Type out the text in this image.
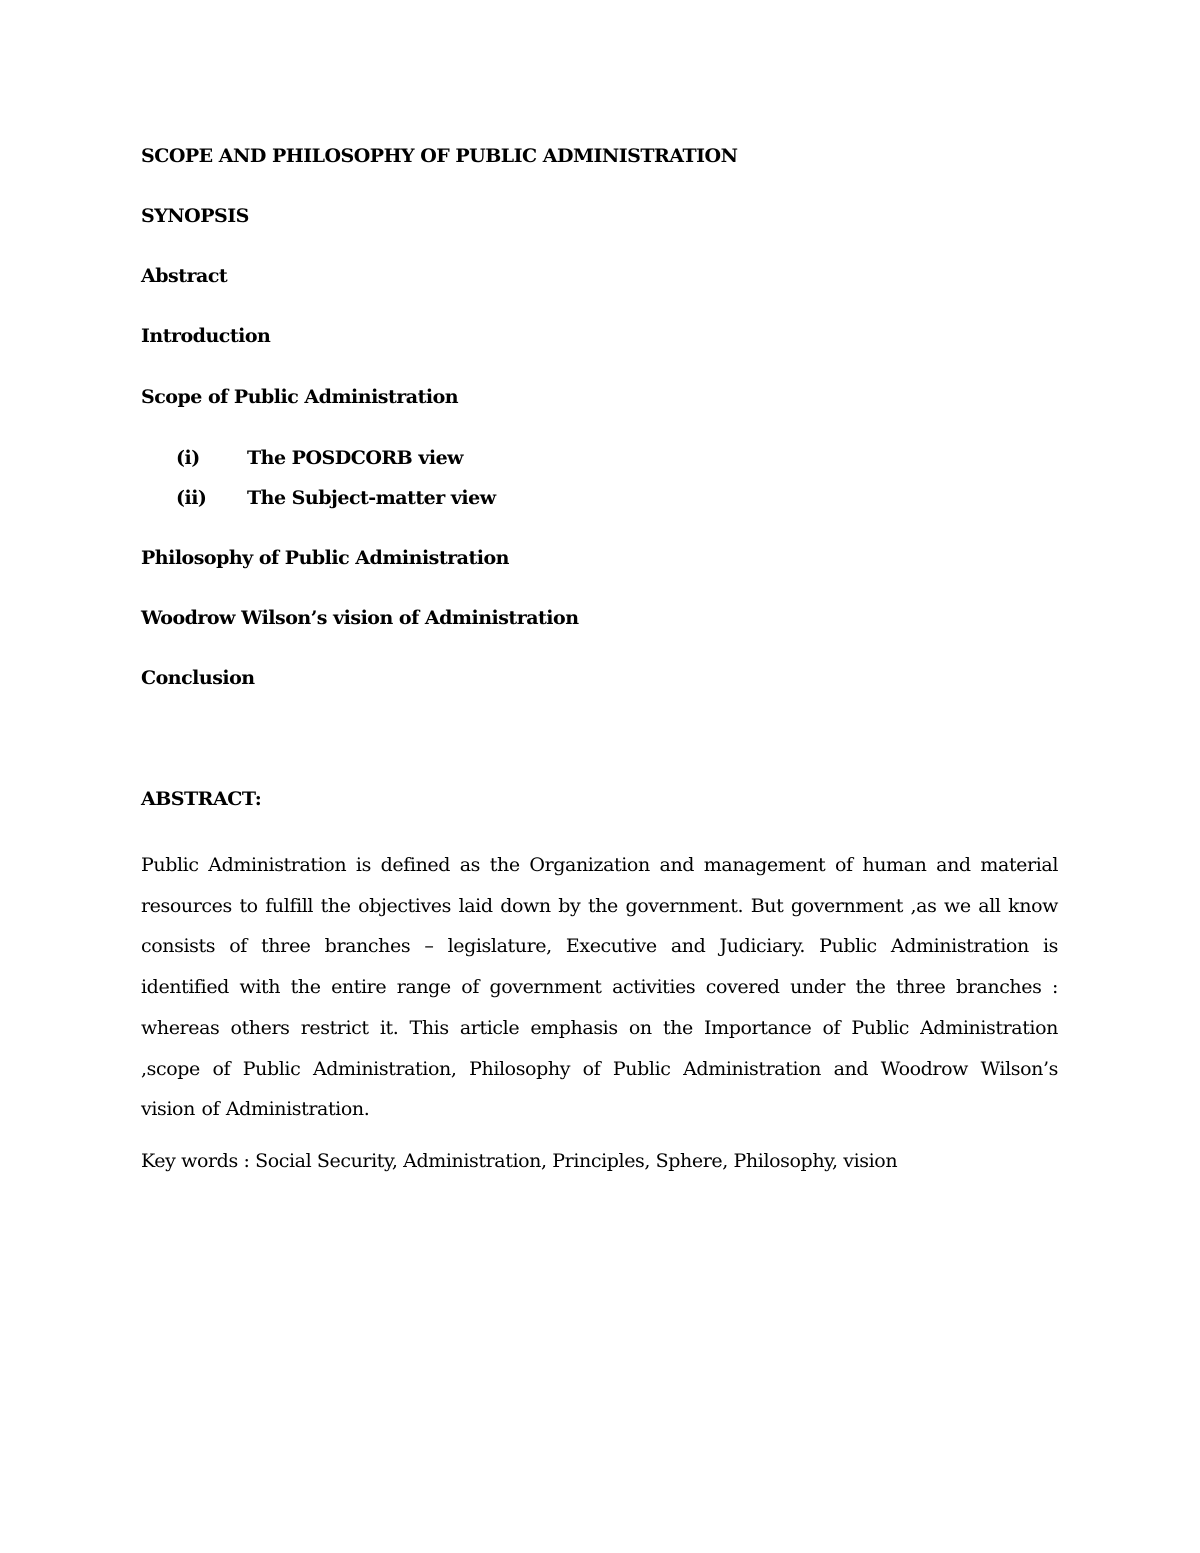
SCOPE AND PHILOSOPHY OF PUBLIC ADMINISTRATION
SYNOPSIS
Abstract
Introduction
Scope of Public Administration
(i) The POSDCORB view
(ii) The Subject-matter view
Philosophy of Public Administration
Woodrow Wilson’s vision of Administration
Conclusion
ABSTRACT:
Public Administration is defined as the Organization and management of human and material resources to fulfill the objectives laid down by the government. But government ,as we all know consists of three branches – legislature, Executive and Judiciary. Public Administration is identified with the entire range of government activities covered under the three branches : whereas others restrict it. This article emphasis on the Importance of Public Administration ,scope of Public Administration, Philosophy of Public Administration and Woodrow Wilson’s vision of Administration.
Key words : Social Security, Administration, Principles, Sphere, Philosophy, vision
